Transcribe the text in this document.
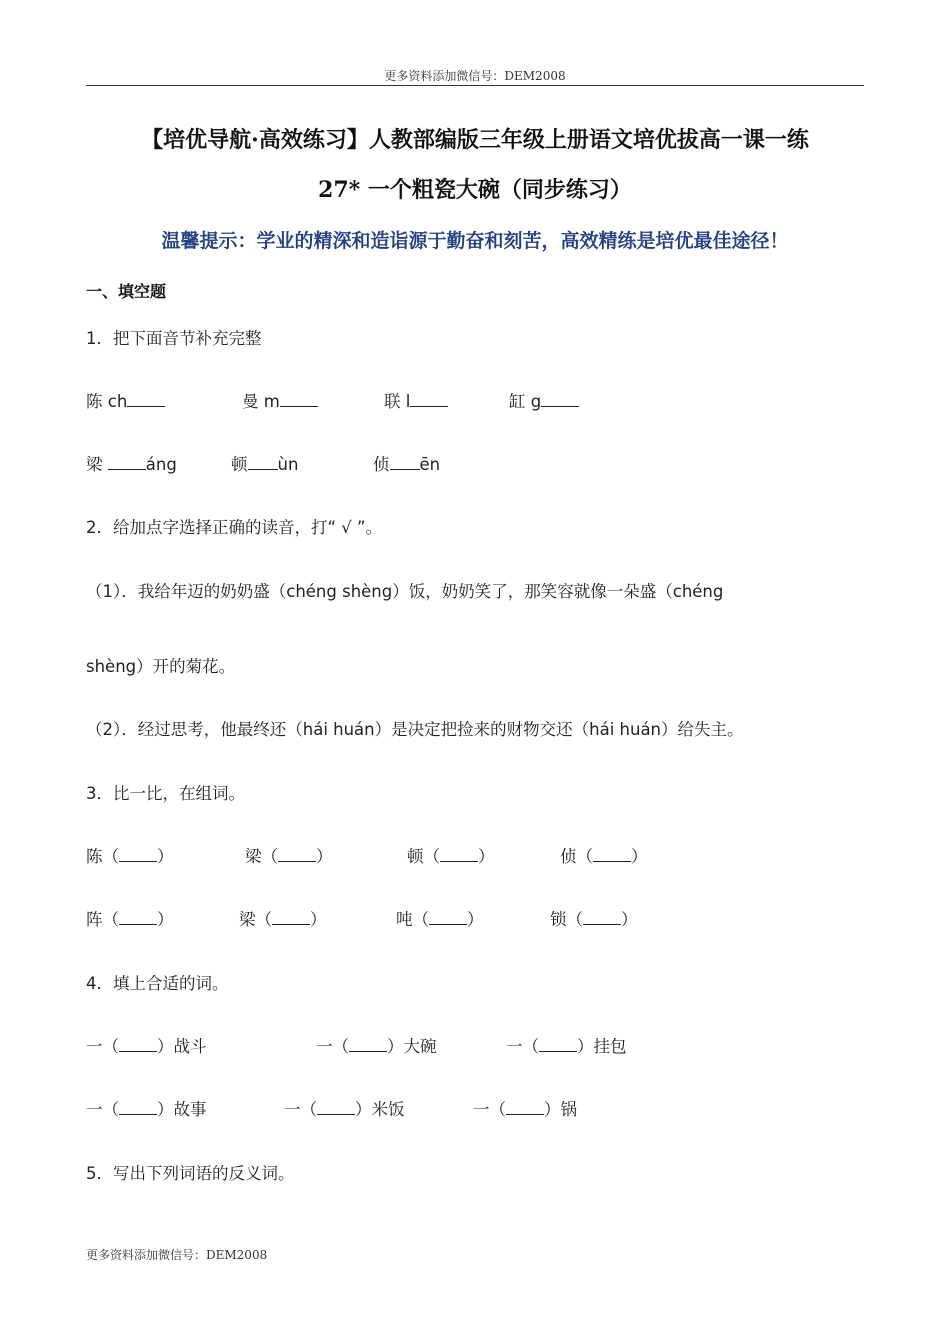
更多资料添加微信号：DEM2008
【培优导航·高效练习】人教部编版三年级上册语文培优拔高一课一练
27* 一个粗瓷大碗（同步练习）
温馨提示：学业的精深和造诣源于勤奋和刻苦，高效精练是培优最佳途径！
一、填空题
1．把下面音节补充完整
陈 ch	曼 m	联 l	缸 g
梁 áng	顿 ùn	侦 ēn
2．给加点字选择正确的读音，打“ √ ”。
（1）．我给年迈的奶奶盛（chéng shèng）饭，奶奶笑了，那笑容就像一朵盛（chéng
shèng）开的菊花。
（2）．经过思考，他最终还（hái huán）是决定把捡来的财物交还（hái huán）给失主。
3．比一比，在组词。
陈（ ）	梁（ ）	顿（ ）	侦（ ）
阵（ ）	梁（ ）	吨（ ）	锁（ ）
4．填上合适的词。
一（ ）战斗	一（ ）大碗	一（ ）挂包
一（ ）故事	一（ ）米饭	一（ ）锅
5．写出下列词语的反义词。
更多资料添加微信号：DEM2008
